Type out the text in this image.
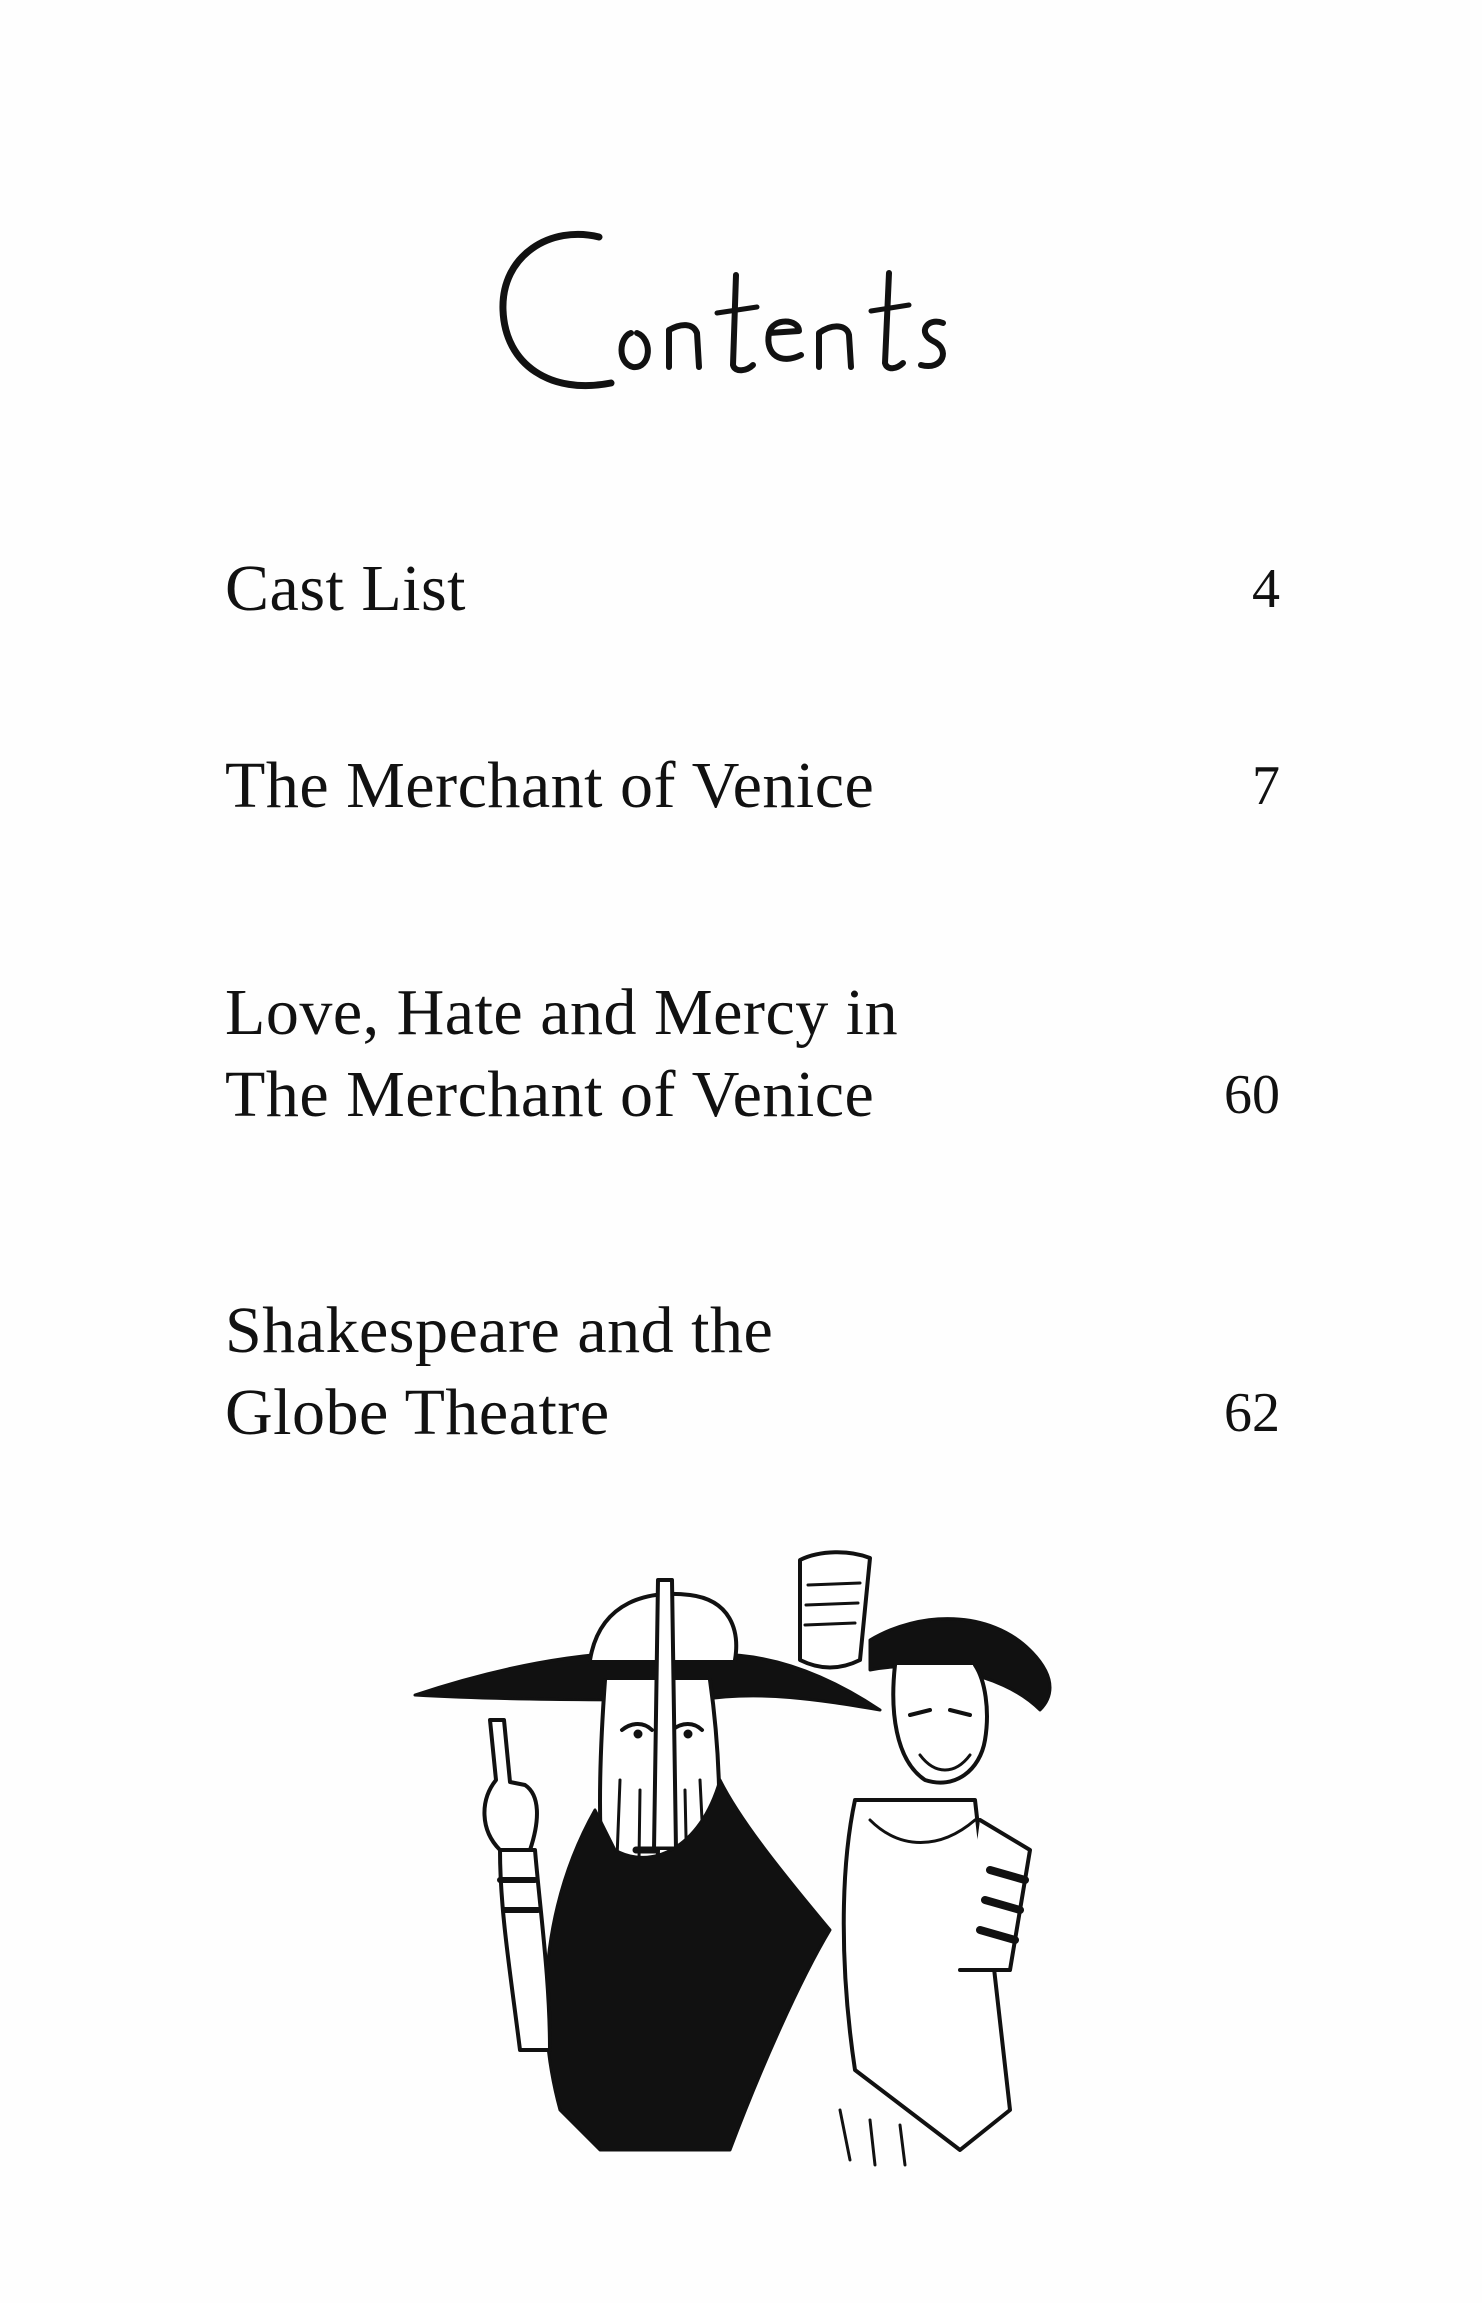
Cast List	4
The Merchant of Venice	7
Love, Hate and Mercy in
The Merchant of Venice	60
Shakespeare and the
Globe Theatre	62
